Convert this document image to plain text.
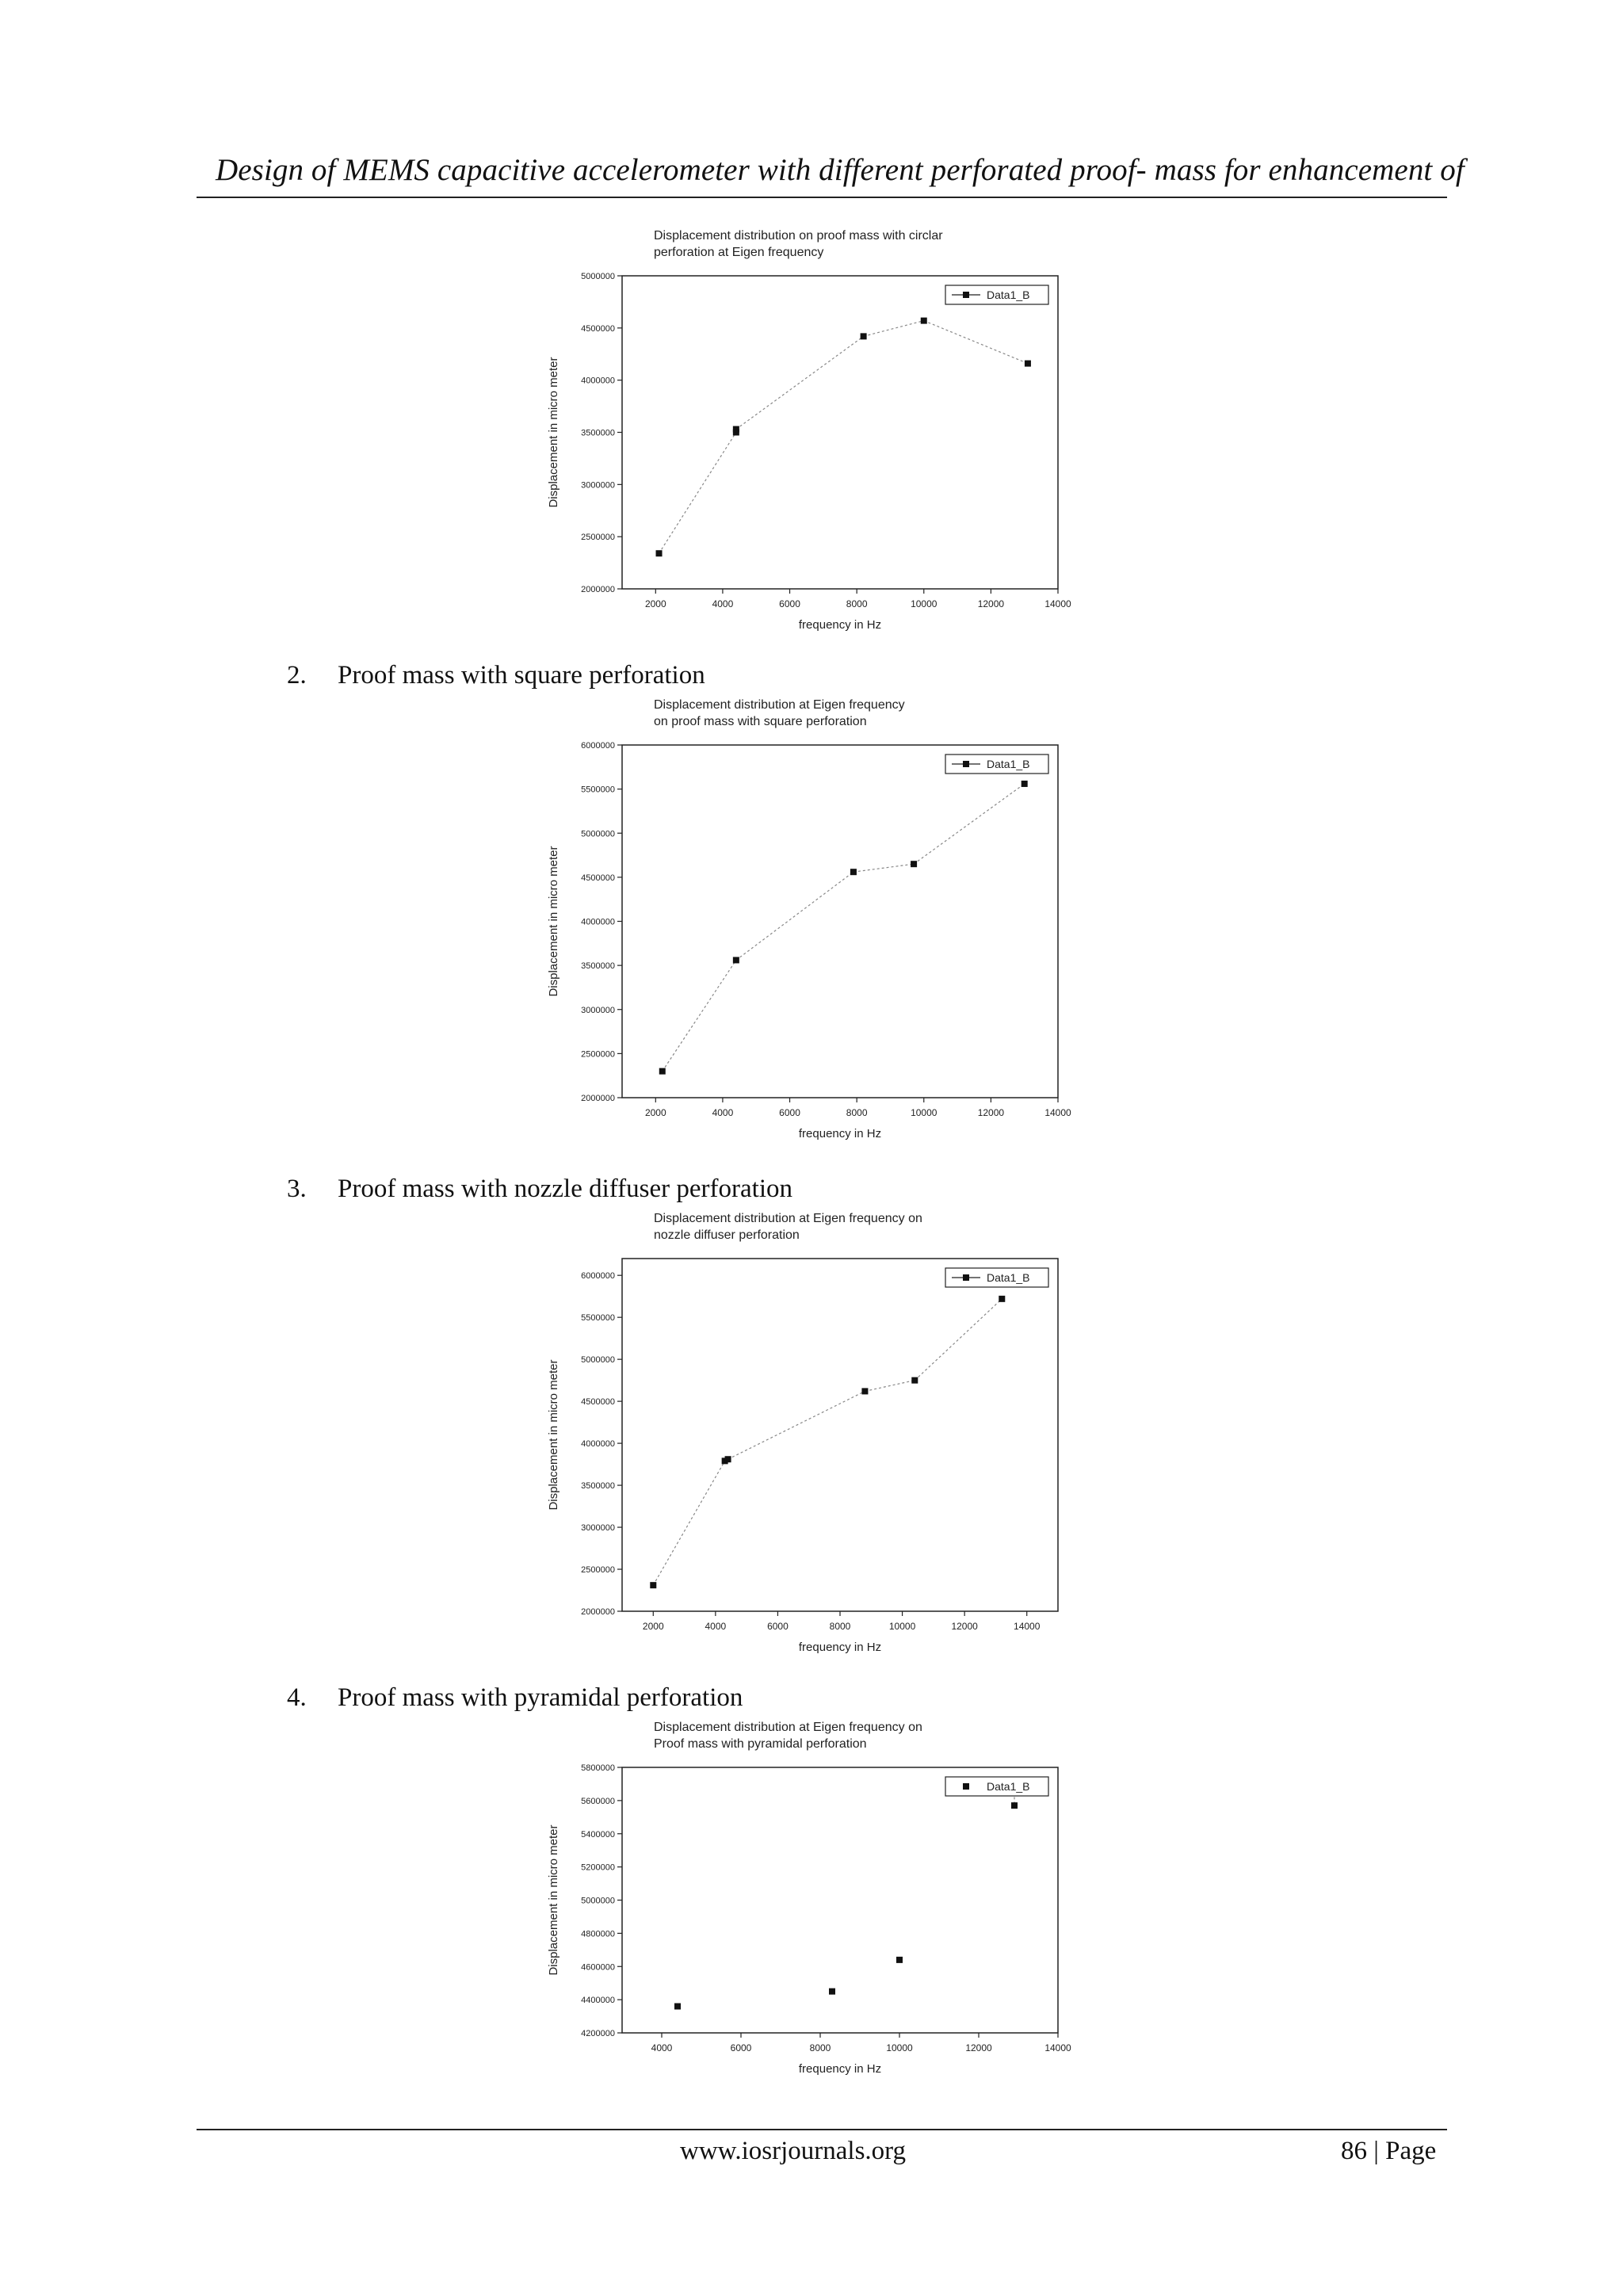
Design of MEMS capacitive accelerometer with different perforated proof- mass for enhancement of
Displacement distribution on proof mass with circlar
perforation at Eigen frequency
2000	4000	6000	8000	10000	12000	14000
2000000
2500000
3000000
3500000
4000000
4500000
5000000
frequency in Hz
Displacement in micro meter
Data1_B
2. Proof mass with square perforation
Displacement distribution at Eigen frequency
on proof mass with square perforation
2000	4000	6000	8000	10000	12000	14000
2000000
2500000
3000000
3500000
4000000
4500000
5000000
5500000
6000000
frequency in Hz
Displacement in micro meter
Data1_B
3. Proof mass with nozzle diffuser perforation
Displacement distribution at Eigen frequency on
nozzle diffuser perforation
2000	4000	6000	8000	10000	12000	14000
2000000
2500000
3000000
3500000
4000000
4500000
5000000
5500000
6000000
frequency in Hz
Displacement in micro meter
Data1_B
4. Proof mass with pyramidal perforation
Displacement distribution at Eigen frequency on
Proof mass with pyramidal perforation
4000	6000	8000	10000	12000	14000
4200000
4400000
4600000
4800000
5000000
5200000
5400000
5600000
5800000
frequency in Hz
Displacement in micro meter
Data1_B
www.iosrjournals.org	86 | Page
